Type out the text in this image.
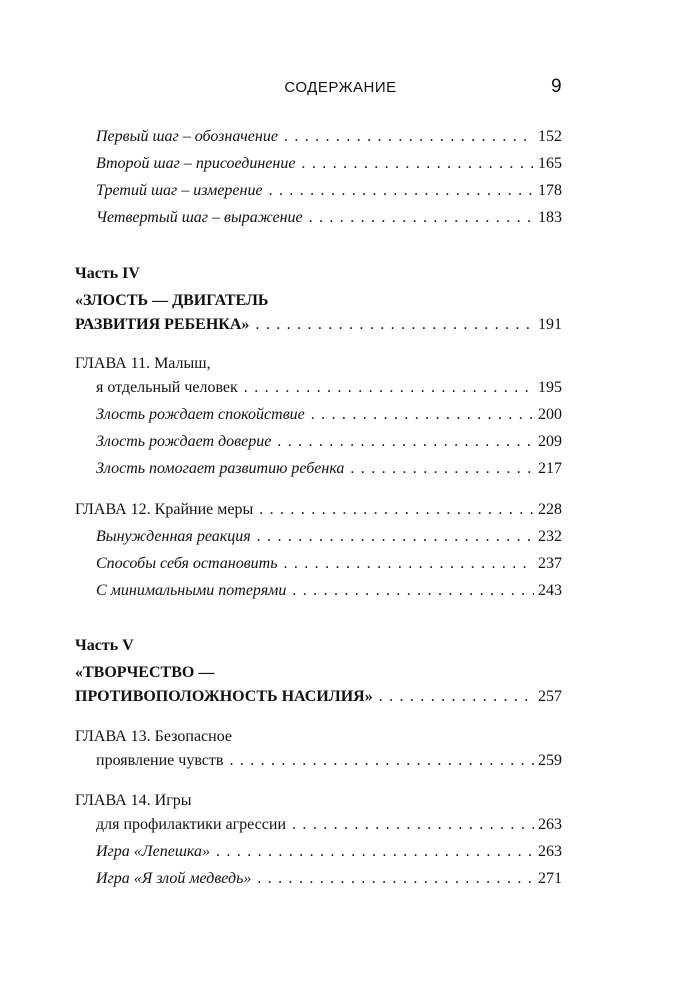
СОДЕРЖАНИЕ	9
Первый шаг – обозначение . . .	152
Второй шаг – присоединение . . .	165
Третий шаг – измерение . . .	178
Четвертый шаг – выражение . . .	183
Часть IV
«ЗЛОСТЬ — ДВИГАТЕЛЬ
РАЗВИТИЯ РЕБЕНКА» . . .	191
ГЛАВА 11. Малыш,
я отдельный человек . . .	195
Злость рождает спокойствие . . .	200
Злость рождает доверие . . .	209
Злость помогает развитию ребенка . . .	217
ГЛАВА 12. Крайние меры . . .	228
Вынужденная реакция . . .	232
Способы себя остановить . . .	237
С минимальными потерями . . .	243
Часть V
«ТВОРЧЕСТВО —
ПРОТИВОПОЛОЖНОСТЬ НАСИЛИЯ» . . .	257
ГЛАВА 13. Безопасное
проявление чувств . . .	259
ГЛАВА 14. Игры
для профилактики агрессии . . .	263
Игра «Лепешка» . . .	263
Игра «Я злой медведь» . . .	271
